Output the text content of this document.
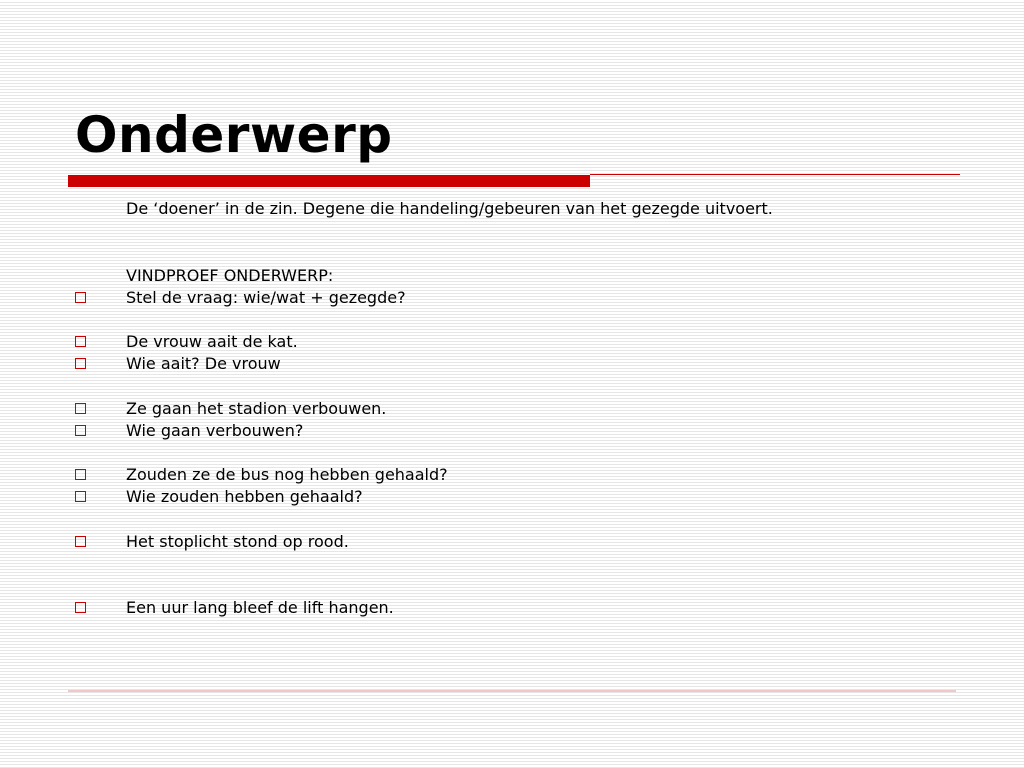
Onderwerp
De ‘doener’ in de zin. Degene die handeling/gebeuren van het gezegde uitvoert.
VINDPROEF ONDERWERP:
Stel de vraag: wie/wat + gezegde?
De vrouw aait de kat.
Wie aait? De vrouw
Ze gaan het stadion verbouwen.
Wie gaan verbouwen?
Zouden ze de bus nog hebben gehaald?
Wie zouden hebben gehaald?
Het stoplicht stond op rood.
Een uur lang bleef de lift hangen.
